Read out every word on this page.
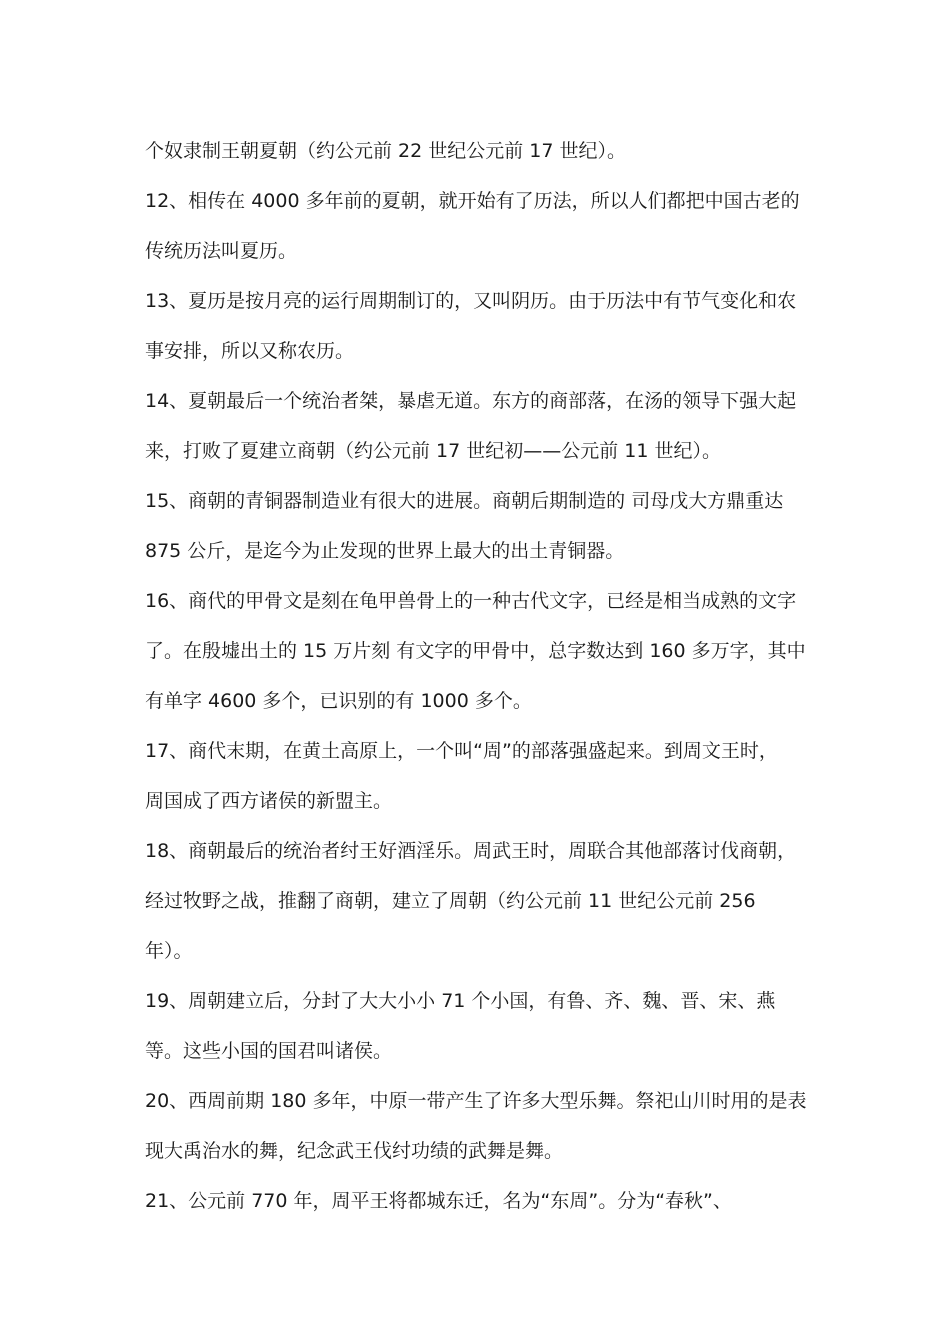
个奴隶制王朝夏朝（约公元前 22 世纪公元前 17 世纪）。
12、相传在 4000 多年前的夏朝，就开始有了历法，所以人们都把中国古老的
传统历法叫夏历。
13、夏历是按月亮的运行周期制订的，又叫阴历。由于历法中有节气变化和农
事安排，所以又称农历。
14、夏朝最后一个统治者桀，暴虐无道。东方的商部落，在汤的领导下强大起
来，打败了夏建立商朝（约公元前 17 世纪初——公元前 11 世纪）。
15、商朝的青铜器制造业有很大的进展。商朝后期制造的 司母戊大方鼎重达
875 公斤，是迄今为止发现的世界上最大的出土青铜器。
16、商代的甲骨文是刻在龟甲兽骨上的一种古代文字，已经是相当成熟的文字
了。在殷墟出土的 15 万片刻 有文字的甲骨中，总字数达到 160 多万字，其中
有单字 4600 多个，已识别的有 1000 多个。
17、商代末期，在黄土高原上，一个叫“周”的部落强盛起来。到周文王时，
周国成了西方诸侯的新盟主。
18、商朝最后的统治者纣王好酒淫乐。周武王时，周联合其他部落讨伐商朝，
经过牧野之战，推翻了商朝，建立了周朝（约公元前 11 世纪公元前 256
年）。
19、周朝建立后，分封了大大小小 71 个小国，有鲁、齐、魏、晋、宋、燕
等。这些小国的国君叫诸侯。
20、西周前期 180 多年，中原一带产生了许多大型乐舞。祭祀山川时用的是表
现大禹治水的舞，纪念武王伐纣功绩的武舞是舞。
21、公元前 770 年，周平王将都城东迁，名为“东周”。分为“春秋”、
